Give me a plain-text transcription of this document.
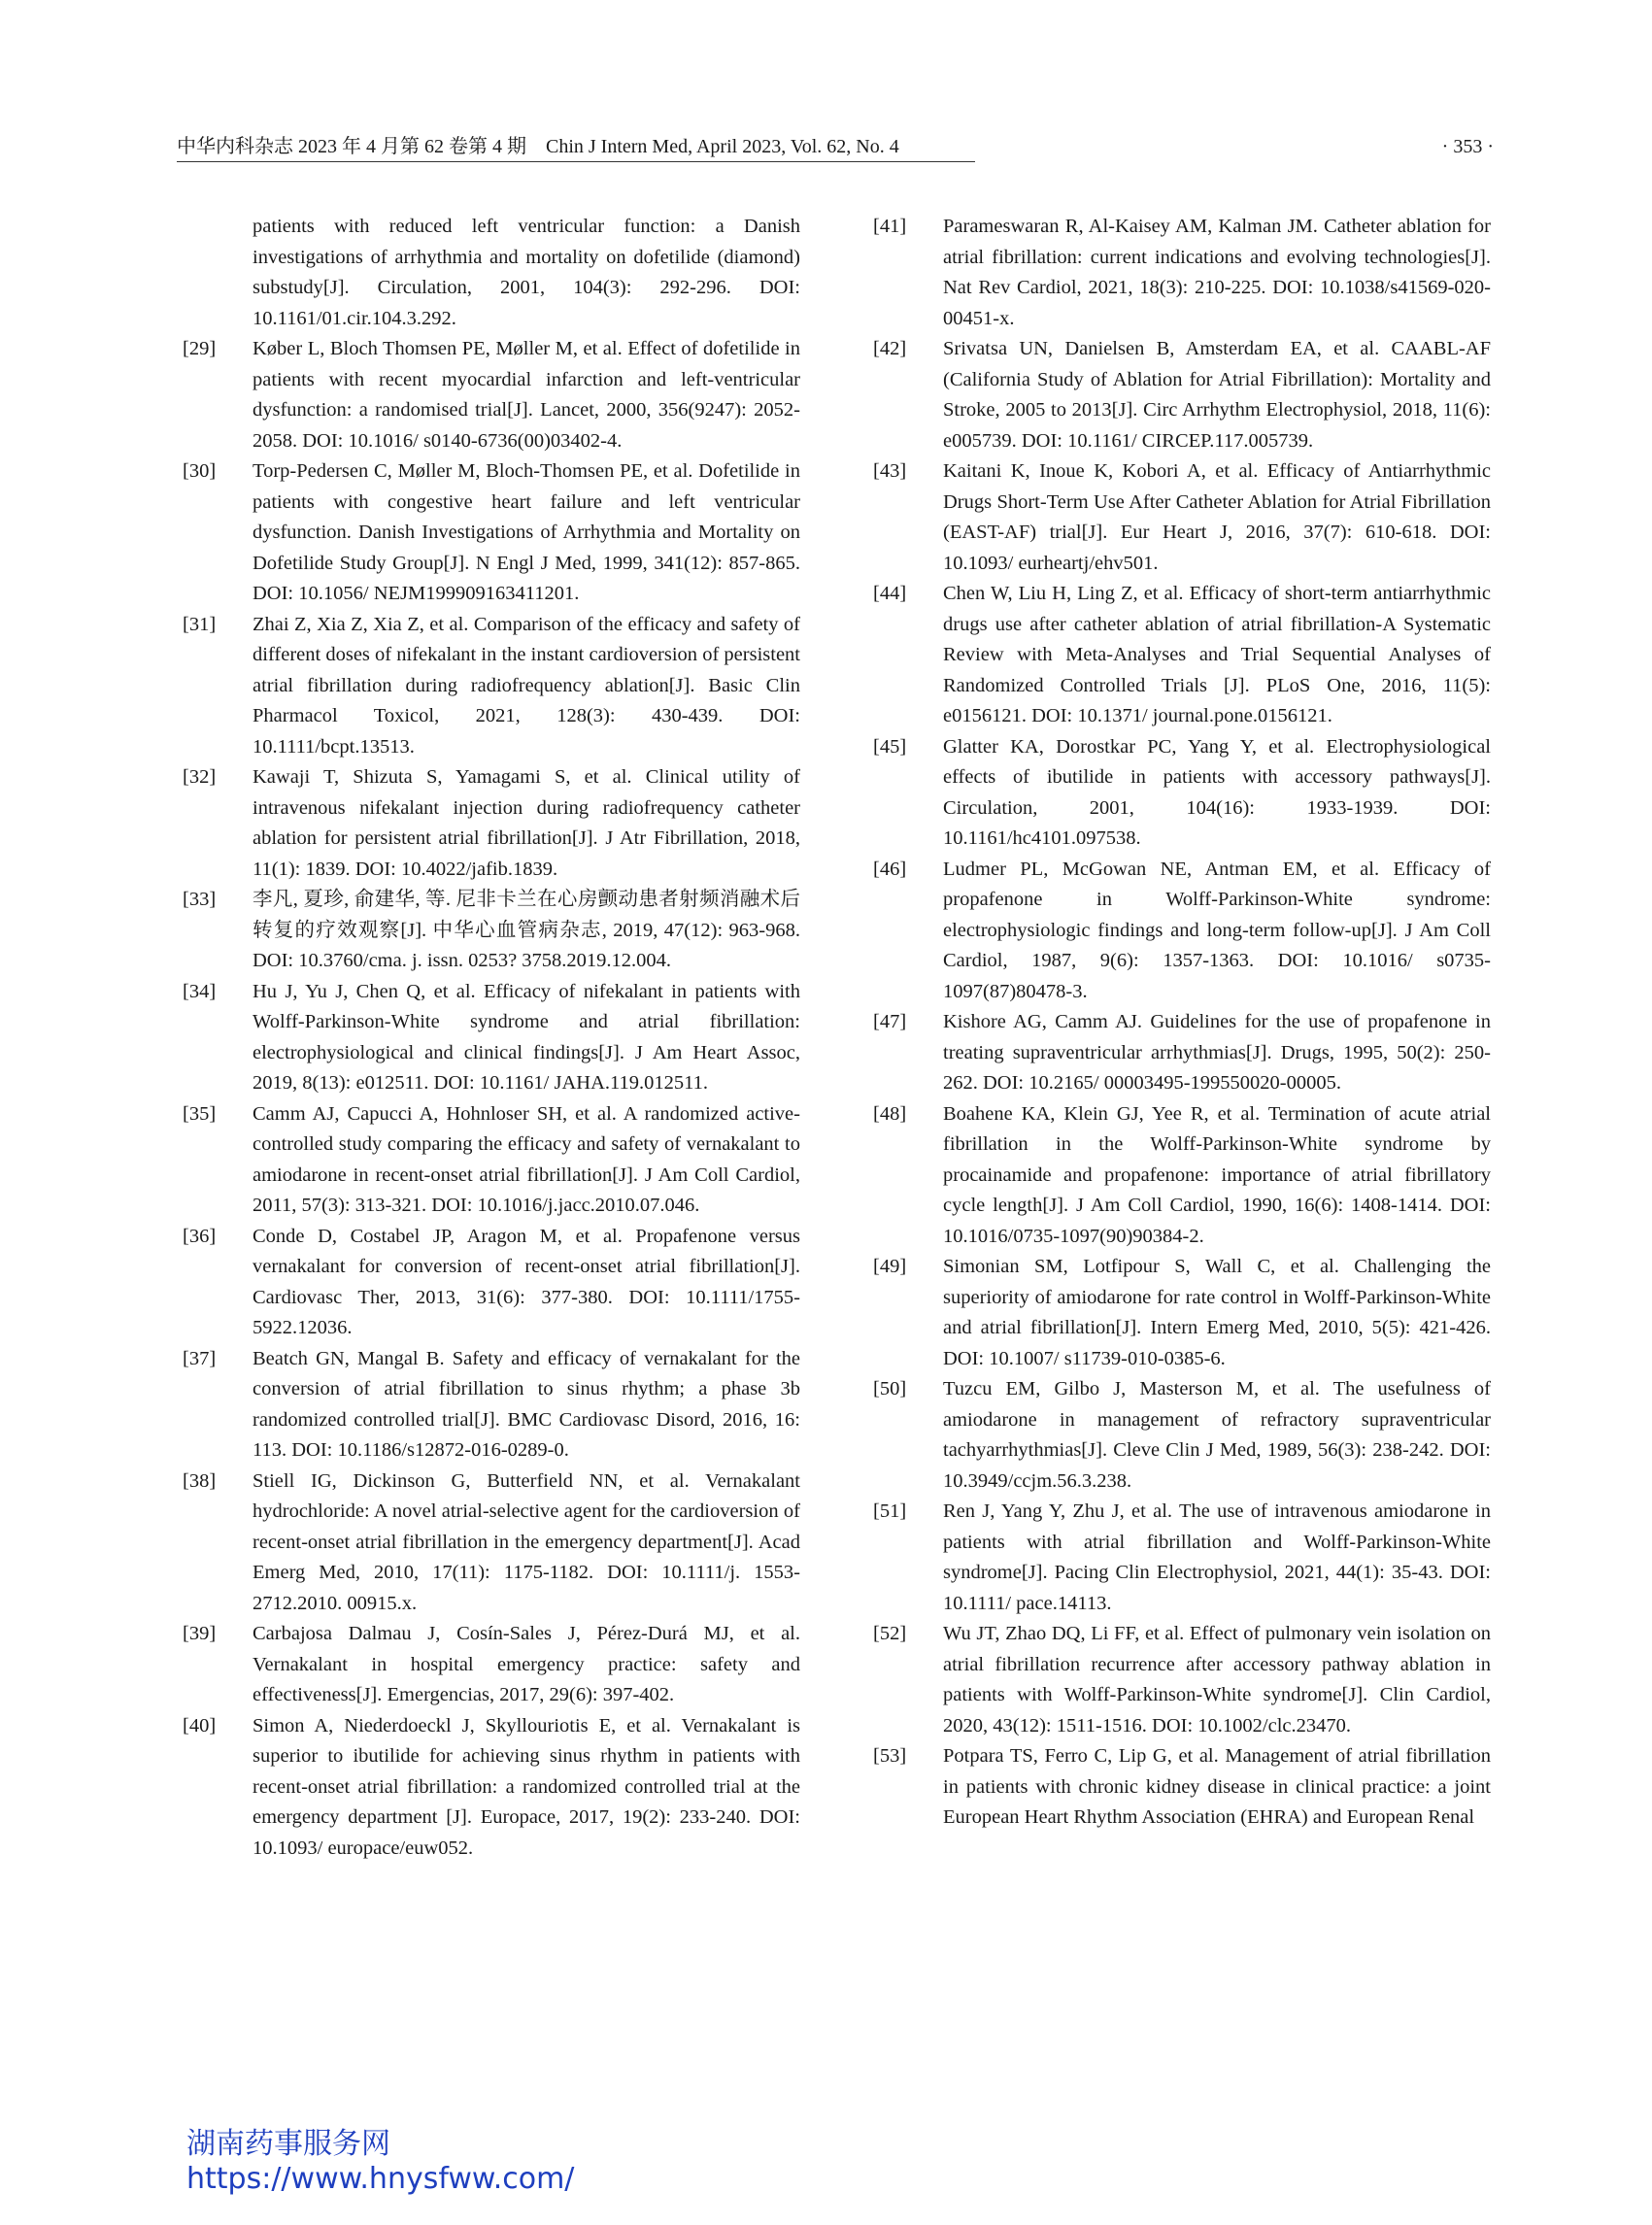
中华内科杂志 2023 年 4 月第 62 卷第 4 期　Chin J Intern Med, April 2023, Vol. 62, No. 4	· 353 ·
patients with reduced left ventricular function: a Danish investigations of arrhythmia and mortality on dofetilide (diamond) substudy[J]. Circulation, 2001, 104(3): 292-296. DOI: 10.1161/01.cir.104.3.292.
[29]	Køber L, Bloch Thomsen PE, Møller M, et al. Effect of dofetilide in patients with recent myocardial infarction and left-ventricular dysfunction: a randomised trial[J]. Lancet, 2000, 356(9247): 2052-2058. DOI: 10.1016/ s0140-6736(00)03402-4.
[30]	Torp-Pedersen C, Møller M, Bloch-Thomsen PE, et al. Dofetilide in patients with congestive heart failure and left ventricular dysfunction. Danish Investigations of Arrhythmia and Mortality on Dofetilide Study Group[J]. N Engl J Med, 1999, 341(12): 857-865. DOI: 10.1056/ NEJM199909163411201.
[31]	Zhai Z, Xia Z, Xia Z, et al. Comparison of the efficacy and safety of different doses of nifekalant in the instant cardioversion of persistent atrial fibrillation during radiofrequency ablation[J]. Basic Clin Pharmacol Toxicol, 2021, 128(3): 430-439. DOI: 10.1111/bcpt.13513.
[32]	Kawaji T, Shizuta S, Yamagami S, et al. Clinical utility of intravenous nifekalant injection during radiofrequency catheter ablation for persistent atrial fibrillation[J]. J Atr Fibrillation, 2018, 11(1): 1839. DOI: 10.4022/jafib.1839.
[33]	李凡, 夏珍, 俞建华, 等. 尼非卡兰在心房颤动患者射频消融术后转复的疗效观察[J]. 中华心血管病杂志, 2019, 47(12): 963-968. DOI: 10.3760/cma. j. issn. 0253? 3758.2019.12.004.
[34]	Hu J, Yu J, Chen Q, et al. Efficacy of nifekalant in patients with Wolff-Parkinson-White syndrome and atrial fibrillation: electrophysiological and clinical findings[J]. J Am Heart Assoc, 2019, 8(13): e012511. DOI: 10.1161/ JAHA.119.012511.
[35]	Camm AJ, Capucci A, Hohnloser SH, et al. A randomized active-controlled study comparing the efficacy and safety of vernakalant to amiodarone in recent-onset atrial fibrillation[J]. J Am Coll Cardiol, 2011, 57(3): 313-321. DOI: 10.1016/j.jacc.2010.07.046.
[36]	Conde D, Costabel JP, Aragon M, et al. Propafenone versus vernakalant for conversion of recent-onset atrial fibrillation[J]. Cardiovasc Ther, 2013, 31(6): 377-380. DOI: 10.1111/1755-5922.12036.
[37]	Beatch GN, Mangal B. Safety and efficacy of vernakalant for the conversion of atrial fibrillation to sinus rhythm; a phase 3b randomized controlled trial[J]. BMC Cardiovasc Disord, 2016, 16: 113. DOI: 10.1186/s12872-016-0289-0.
[38]	Stiell IG, Dickinson G, Butterfield NN, et al. Vernakalant hydrochloride: A novel atrial-selective agent for the cardioversion of recent-onset atrial fibrillation in the emergency department[J]. Acad Emerg Med, 2010, 17(11): 1175-1182. DOI: 10.1111/j. 1553-2712.2010. 00915.x.
[39]	Carbajosa Dalmau J, Cosín-Sales J, Pérez-Durá MJ, et al. Vernakalant in hospital emergency practice: safety and effectiveness[J]. Emergencias, 2017, 29(6): 397-402.
[40]	Simon A, Niederdoeckl J, Skyllouriotis E, et al. Vernakalant is superior to ibutilide for achieving sinus rhythm in patients with recent-onset atrial fibrillation: a randomized controlled trial at the emergency department [J]. Europace, 2017, 19(2): 233-240. DOI: 10.1093/ europace/euw052.
[41]	Parameswaran R, Al-Kaisey AM, Kalman JM. Catheter ablation for atrial fibrillation: current indications and evolving technologies[J]. Nat Rev Cardiol, 2021, 18(3): 210-225. DOI: 10.1038/s41569-020-00451-x.
[42]	Srivatsa UN, Danielsen B, Amsterdam EA, et al. CAABL-AF (California Study of Ablation for Atrial Fibrillation): Mortality and Stroke, 2005 to 2013[J]. Circ Arrhythm Electrophysiol, 2018, 11(6): e005739. DOI: 10.1161/ CIRCEP.117.005739.
[43]	Kaitani K, Inoue K, Kobori A, et al. Efficacy of Antiarrhythmic Drugs Short-Term Use After Catheter Ablation for Atrial Fibrillation (EAST-AF) trial[J]. Eur Heart J, 2016, 37(7): 610-618. DOI: 10.1093/ eurheartj/ehv501.
[44]	Chen W, Liu H, Ling Z, et al. Efficacy of short-term antiarrhythmic drugs use after catheter ablation of atrial fibrillation-A Systematic Review with Meta-Analyses and Trial Sequential Analyses of Randomized Controlled Trials [J]. PLoS One, 2016, 11(5): e0156121. DOI: 10.1371/ journal.pone.0156121.
[45]	Glatter KA, Dorostkar PC, Yang Y, et al. Electrophysiological effects of ibutilide in patients with accessory pathways[J]. Circulation, 2001, 104(16): 1933-1939. DOI: 10.1161/hc4101.097538.
[46]	Ludmer PL, McGowan NE, Antman EM, et al. Efficacy of propafenone in Wolff-Parkinson-White syndrome: electrophysiologic findings and long-term follow-up[J]. J Am Coll Cardiol, 1987, 9(6): 1357-1363. DOI: 10.1016/ s0735-1097(87)80478-3.
[47]	Kishore AG, Camm AJ. Guidelines for the use of propafenone in treating supraventricular arrhythmias[J]. Drugs, 1995, 50(2): 250-262. DOI: 10.2165/ 00003495-199550020-00005.
[48]	Boahene KA, Klein GJ, Yee R, et al. Termination of acute atrial fibrillation in the Wolff-Parkinson-White syndrome by procainamide and propafenone: importance of atrial fibrillatory cycle length[J]. J Am Coll Cardiol, 1990, 16(6): 1408-1414. DOI: 10.1016/0735-1097(90)90384-2.
[49]	Simonian SM, Lotfipour S, Wall C, et al. Challenging the superiority of amiodarone for rate control in Wolff-Parkinson-White and atrial fibrillation[J]. Intern Emerg Med, 2010, 5(5): 421-426. DOI: 10.1007/ s11739-010-0385-6.
[50]	Tuzcu EM, Gilbo J, Masterson M, et al. The usefulness of amiodarone in management of refractory supraventricular tachyarrhythmias[J]. Cleve Clin J Med, 1989, 56(3): 238-242. DOI: 10.3949/ccjm.56.3.238.
[51]	Ren J, Yang Y, Zhu J, et al. The use of intravenous amiodarone in patients with atrial fibrillation and Wolff-Parkinson-White syndrome[J]. Pacing Clin Electrophysiol, 2021, 44(1): 35-43. DOI: 10.1111/ pace.14113.
[52]	Wu JT, Zhao DQ, Li FF, et al. Effect of pulmonary vein isolation on atrial fibrillation recurrence after accessory pathway ablation in patients with Wolff-Parkinson-White syndrome[J]. Clin Cardiol, 2020, 43(12): 1511-1516. DOI: 10.1002/clc.23470.
[53]	Potpara TS, Ferro C, Lip G, et al. Management of atrial fibrillation in patients with chronic kidney disease in clinical practice: a joint European Heart Rhythm Association (EHRA) and European Renal
湖南药事服务网
https://www.hnysfww.com/
